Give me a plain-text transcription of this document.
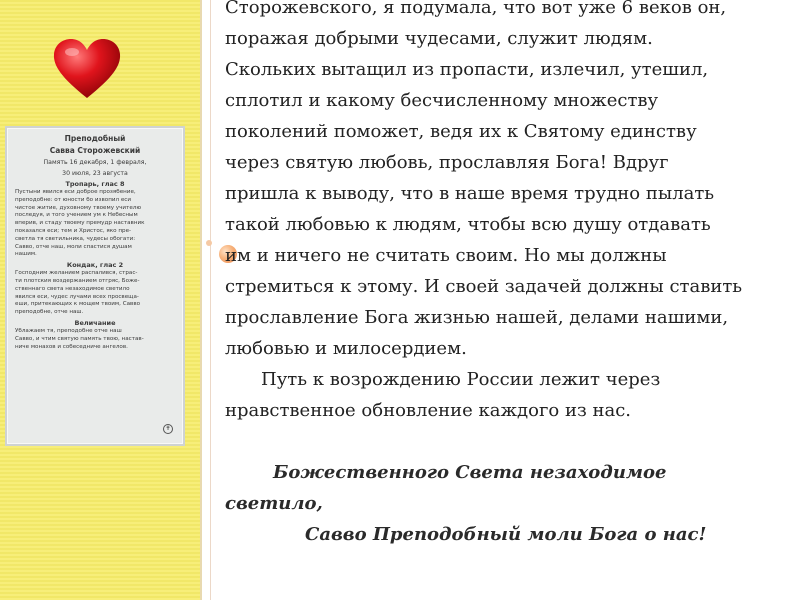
Преподобный
Савва Сторожевский
Память 16 декабря, 1 февраля,
30 июля, 23 августа
Тропарь, глас 8
Пустыни явился еси доброе прозябение,
преподобне: от юности бо извопил еси
чистое житие, духовному твоему учителю
последуя, и того учением ум к Небесным
вперив, и стаду твоему премудр наставник
показался еси; тем и Христос, яко пре-
светла тя светильника, чудесы обогати:
Савво, отче наш, моли спастися душам
нашим.
Кондак, глас 2
Господним желанием распалився, страс-
ти плотския воздержанием отгряс, Боже-
ственнаго света незаходимое светило
явился еси, чудес лучами всех просвеща-
еши, притекающих к мощем твоим, Савво
преподобне, отче наш.
Величание
Ублажаем тя, преподобне отче наш
Савво, и чтим святую память твою, настав-
ниче монахов и собеседниче ангелов.
✝
Сторожевского, я подумала, что вот уже 6 веков он,
поражая добрыми чудесами, служит людям.
Скольких вытащил из пропасти, излечил, утешил,
сплотил и какому бесчисленному множеству
поколений поможет, ведя их к Святому единству
через святую любовь, прославляя Бога! Вдруг
пришла к выводу, что в наше время трудно пылать
такой любовью к людям, чтобы всю душу отдавать
им и ничего не считать своим. Но мы должны
стремиться к этому. И своей задачей должны ставить
прославление Бога жизнью нашей, делами нашими,
любовью и милосердием.
Путь к возрождению России лежит через
нравственное обновление каждого из нас.
Божественного Света незаходимое
светило,
Савво Преподобный моли Бога о нас!
